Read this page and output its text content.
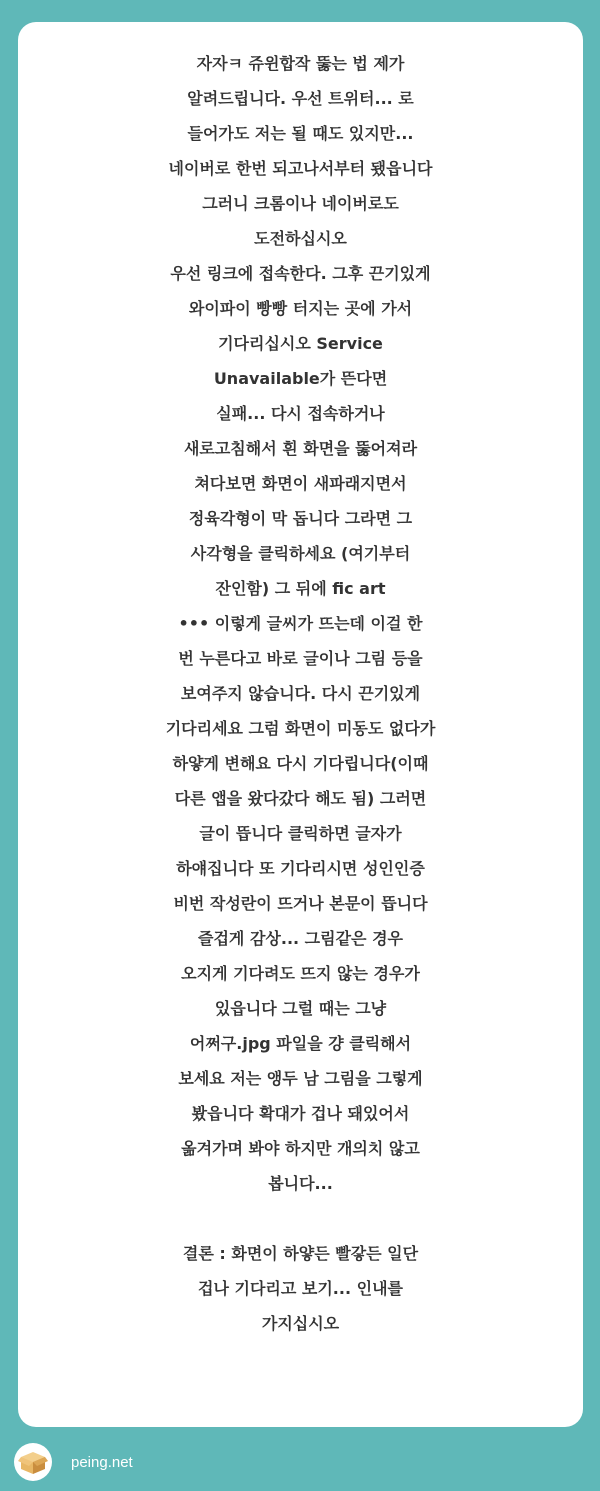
자자ㅋ 쥬윈합작 뚫는 법 제가
알려드립니다. 우선 트위터... 로
들어가도 저는 될 때도 있지만...
네이버로 한번 되고나서부터 됐읍니다
그러니 크롬이나 네이버로도
도전하십시오
우선 링크에 접속한다. 그후 끈기있게
와이파이 빵빵 터지는 곳에 가서
기다리십시오 Service
Unavailable가 뜬다면
실패... 다시 접속하거나
새로고침해서 흰 화면을 뚫어져라
쳐다보면 화면이 새파래지면서
정육각형이 막 돕니다 그라면 그
사각형을 클릭하세요 (여기부터
잔인함) 그 뒤에 fic art
••• 이렇게 글씨가 뜨는데 이걸 한
번 누른다고 바로 글이나 그림 등을
보여주지 않습니다. 다시 끈기있게
기다리세요 그럼 화면이 미동도 없다가
하얗게 변해요 다시 기다립니다(이때
다른 앱을 왔다갔다 해도 됨) 그러면
글이 뜹니다 클릭하면 글자가
하얘집니다 또 기다리시면 성인인증
비번 작성란이 뜨거나 본문이 뜹니다
즐겁게 감상... 그림같은 경우
오지게 기다려도 뜨지 않는 경우가
있읍니다 그럴 때는 그냥
어쩌구.jpg 파일을 걍 클릭해서
보세요 저는 앵두 남 그림을 그렇게
봤읍니다 확대가 겁나 돼있어서
옮겨가며 봐야 하지만 개의치 않고
봅니다...
결론 : 화면이 하얗든 빨갛든 일단
겁나 기다리고 보기... 인내를
가지십시오
peing.net
